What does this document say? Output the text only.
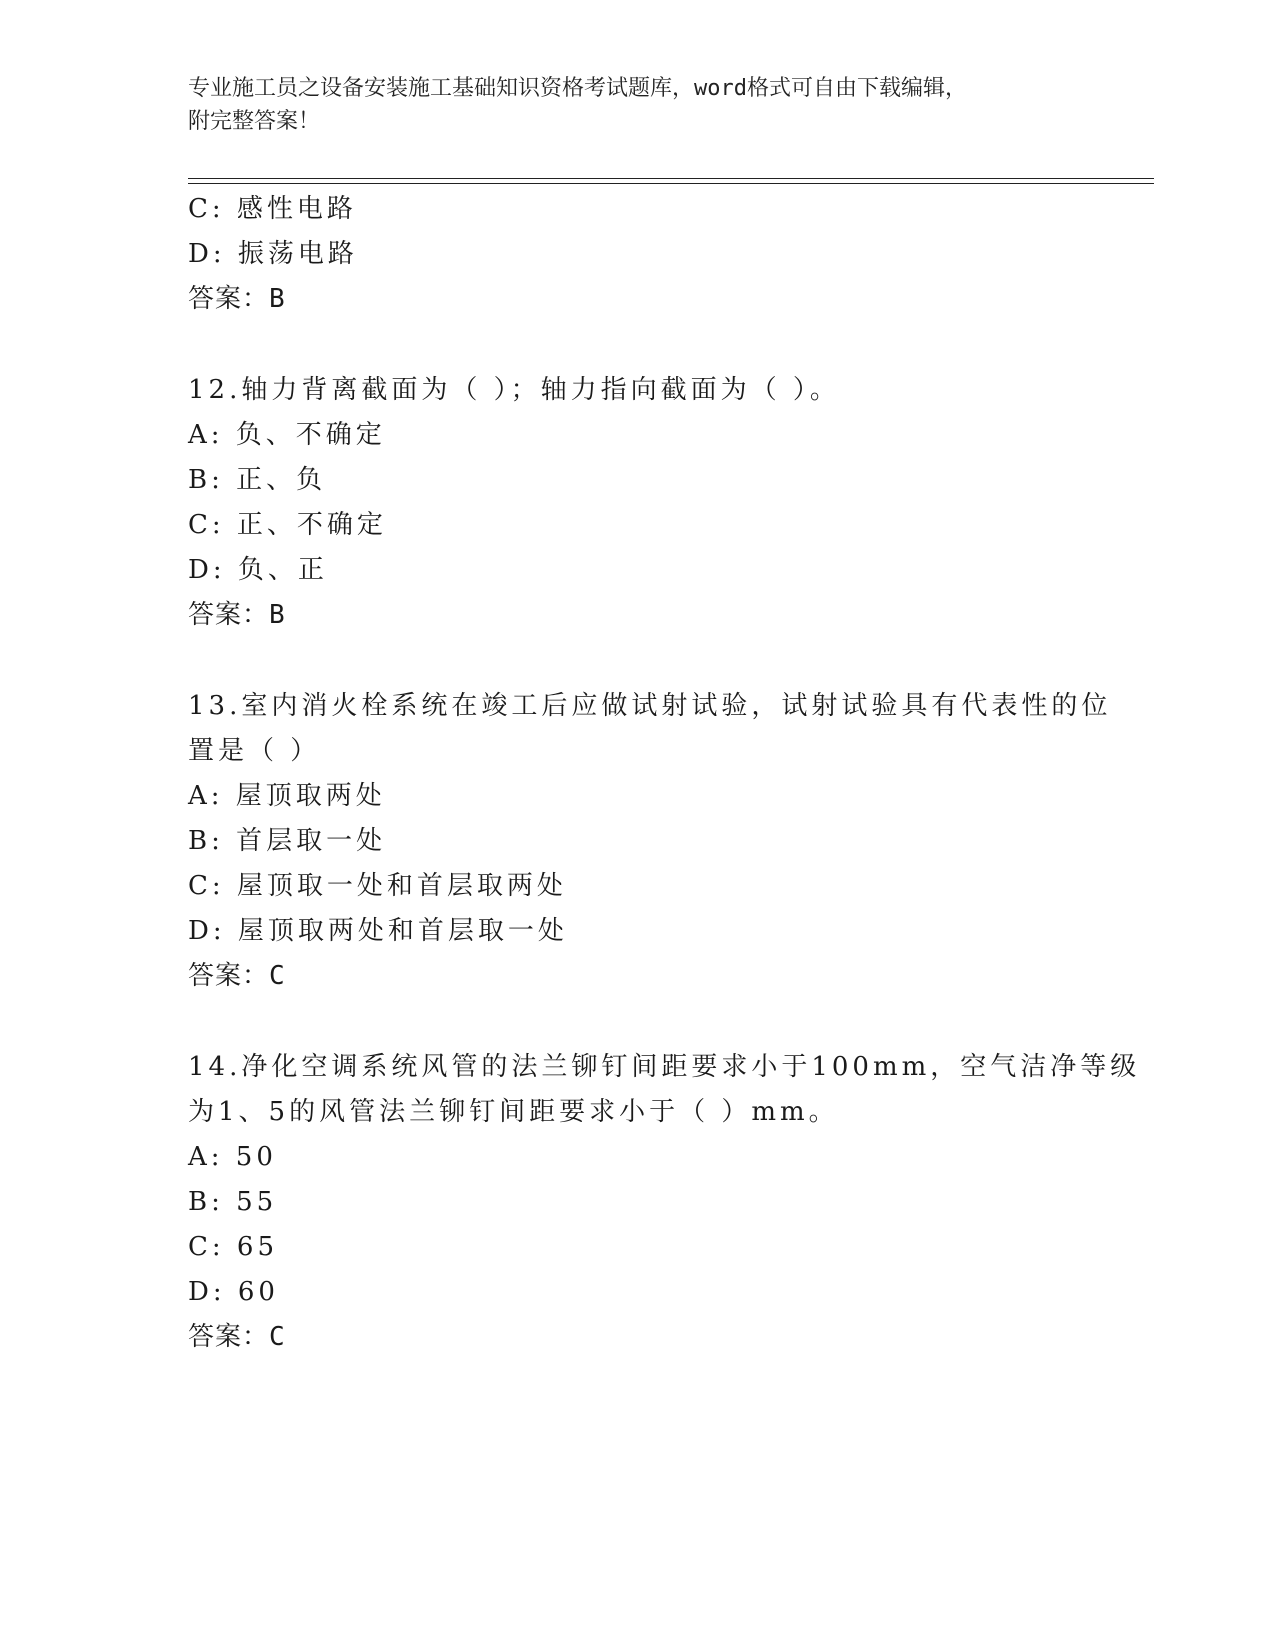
专业施工员之设备安装施工基础知识资格考试题库，word格式可自由下载编辑，
附完整答案！
C: 感性电路
D: 振荡电路
答案：B
12.轴力背离截面为（ ）；轴力指向截面为（ ）。
A: 负、不确定
B: 正、负
C: 正、不确定
D: 负、正
答案：B
13.室内消火栓系统在竣工后应做试射试验，试射试验具有代表性的位
置是（ ）
A: 屋顶取两处
B: 首层取一处
C: 屋顶取一处和首层取两处
D: 屋顶取两处和首层取一处
答案：C
14.净化空调系统风管的法兰铆钉间距要求小于100mm，空气洁净等级
为1、5的风管法兰铆钉间距要求小于（ ）mm。
A: 50
B: 55
C: 65
D: 60
答案：C
